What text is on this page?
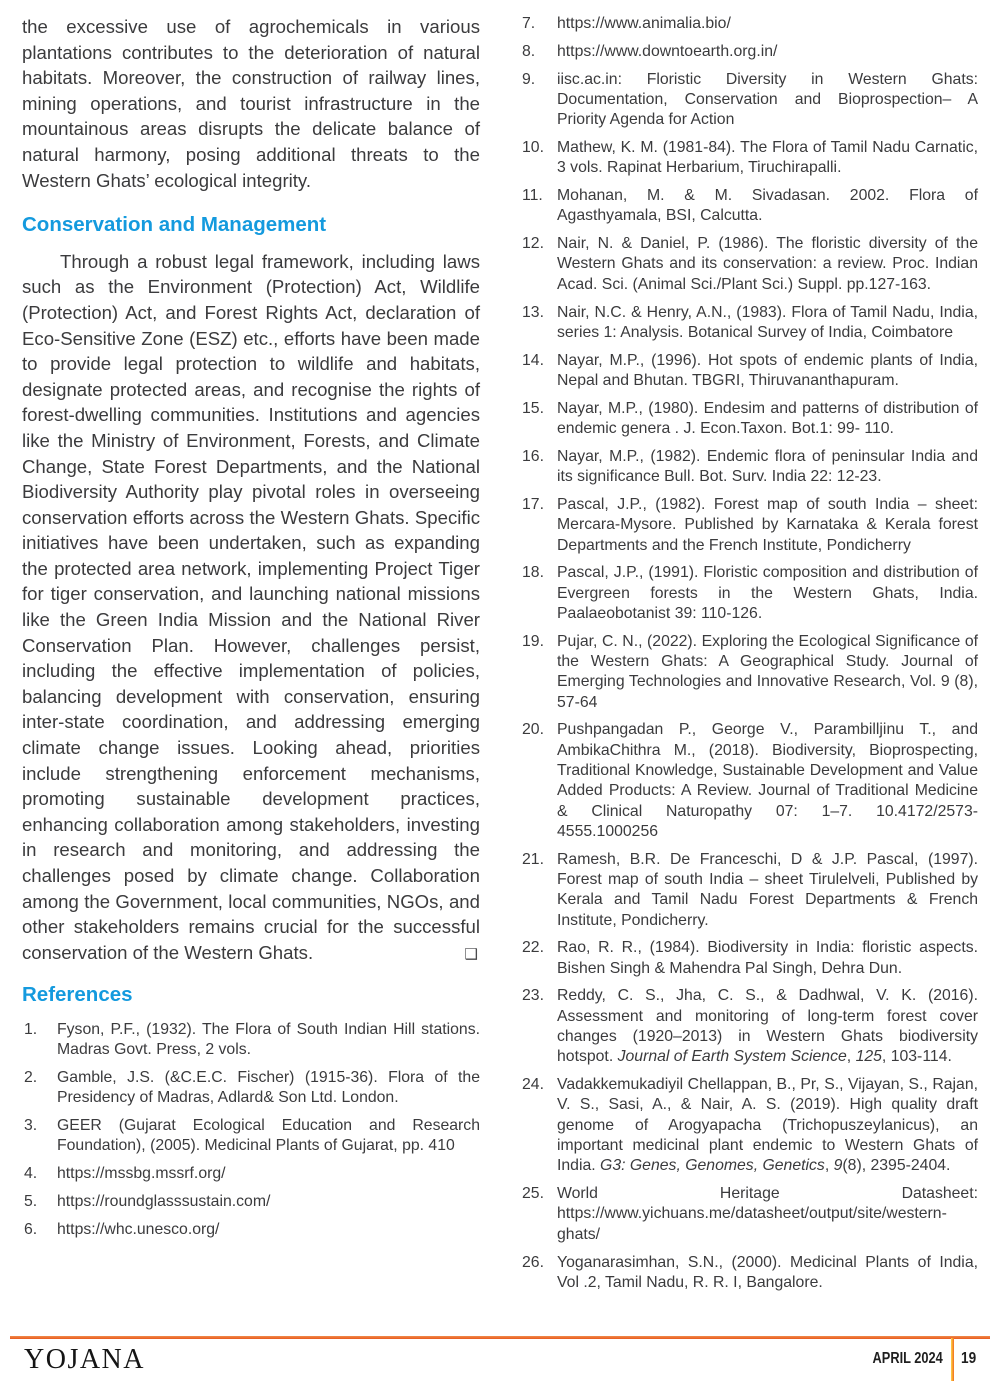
the excessive use of agrochemicals in various plantations contributes to the deterioration of natural habitats. Moreover, the construction of railway lines, mining operations, and tourist infrastructure in the mountainous areas disrupts the delicate balance of natural harmony, posing additional threats to the Western Ghats’ ecological integrity.

Conservation and Management
Through a robust legal framework, including laws such as the Environment (Protection) Act, Wildlife (Protection) Act, and Forest Rights Act, declaration of Eco-Sensitive Zone (ESZ) etc., efforts have been made to provide legal protection to wildlife and habitats, designate protected areas, and recognise the rights of forest-dwelling communities. Institutions and agencies like the Ministry of Environment, Forests, and Climate Change, State Forest Departments, and the National Biodiversity Authority play pivotal roles in overseeing conservation efforts across the Western Ghats. Specific initiatives have been undertaken, such as expanding the protected area network, implementing Project Tiger for tiger conservation, and launching national missions like the Green India Mission and the National River Conservation Plan. However, challenges persist, including the effective implementation of policies, balancing development with conservation, ensuring inter-state coordination, and addressing emerging climate change issues. Looking ahead, priorities include strengthening enforcement mechanisms, promoting sustainable development practices, enhancing collaboration among stakeholders, investing in research and monitoring, and addressing the challenges posed by climate change. Collaboration among the Government, local communities, NGOs, and other stakeholders remains crucial for the successful conservation of the Western Ghats.	❑
References
1. Fyson, P.F., (1932). The Flora of South Indian Hill stations. Madras Govt. Press, 2 vols.
2. Gamble, J.S. (&C.E.C. Fischer) (1915-36). Flora of the Presidency of Madras, Adlard& Son Ltd. London.
3. GEER (Gujarat Ecological Education and Research Foundation), (2005). Medicinal Plants of Gujarat, pp. 410
4. https://mssbg.mssrf.org/
5. https://roundglasssustain.com/
6. https://whc.unesco.org/
7. https://www.animalia.bio/
8. https://www.downtoearth.org.in/
9. iisc.ac.in: Floristic Diversity in Western Ghats: Documentation, Conservation and Bioprospection– A Priority Agenda for Action
10. Mathew, K. M. (1981-84). The Flora of Tamil Nadu Carnatic, 3 vols. Rapinat Herbarium, Tiruchirapalli.
11. Mohanan, M. & M. Sivadasan. 2002. Flora of Agasthyamala, BSI, Calcutta.
12. Nair, N. & Daniel, P. (1986). The floristic diversity of the Western Ghats and its conservation: a review. Proc. Indian Acad. Sci. (Animal Sci./Plant Sci.) Suppl. pp.127-163.
13. Nair, N.C. & Henry, A.N., (1983). Flora of Tamil Nadu, India, series 1: Analysis. Botanical Survey of India, Coimbatore
14. Nayar, M.P., (1996). Hot spots of endemic plants of India, Nepal and Bhutan. TBGRI, Thiruvananthapuram.
15. Nayar, M.P., (1980). Endesim and patterns of distribution of endemic genera . J. Econ.Taxon. Bot.1: 99- 110.
16. Nayar, M.P., (1982). Endemic flora of peninsular India and its significance Bull. Bot. Surv. India 22: 12-23.
17. Pascal, J.P., (1982). Forest map of south India – sheet: Mercara-Mysore. Published by Karnataka & Kerala forest Departments and the French Institute, Pondicherry
18. Pascal, J.P., (1991). Floristic composition and distribution of Evergreen forests in the Western Ghats, India. Paalaeobotanist 39: 110-126.
19. Pujar, C. N., (2022). Exploring the Ecological Significance of the Western Ghats: A Geographical Study. Journal of Emerging Technologies and Innovative Research, Vol. 9 (8), 57-64
20. Pushpangadan P., George V., Parambilljinu T., and AmbikaChithra M., (2018). Biodiversity, Bioprospecting, Traditional Knowledge, Sustainable Development and Value Added Products: A Review. Journal of Traditional Medicine & Clinical Naturopathy 07: 1–7. 10.4172/2573-4555.1000256
21. Ramesh, B.R. De Franceschi, D & J.P. Pascal, (1997). Forest map of south India – sheet Tirulelveli, Published by Kerala and Tamil Nadu Forest Departments & French Institute, Pondicherry.
22. Rao, R. R., (1984). Biodiversity in India: floristic aspects. Bishen Singh & Mahendra Pal Singh, Dehra Dun.
23. Reddy, C. S., Jha, C. S., & Dadhwal, V. K. (2016). Assessment and monitoring of long-term forest cover changes (1920–2013) in Western Ghats biodiversity hotspot. Journal of Earth System Science, 125, 103-114.
24. Vadakkemukadiyil Chellappan, B., Pr, S., Vijayan, S., Rajan, V. S., Sasi, A., & Nair, A. S. (2019). High quality draft genome of Arogyapacha (Trichopuszeylanicus), an important medicinal plant endemic to Western Ghats of India. G3: Genes, Genomes, Genetics, 9(8), 2395-2404.
25. World Heritage Datasheet: https://www.yichuans.me/datasheet/output/site/western-ghats/
26. Yoganarasimhan, S.N., (2000). Medicinal Plants of India, Vol .2, Tamil Nadu, R. R. I, Bangalore.
YOJANA	APRIL 2024 19
